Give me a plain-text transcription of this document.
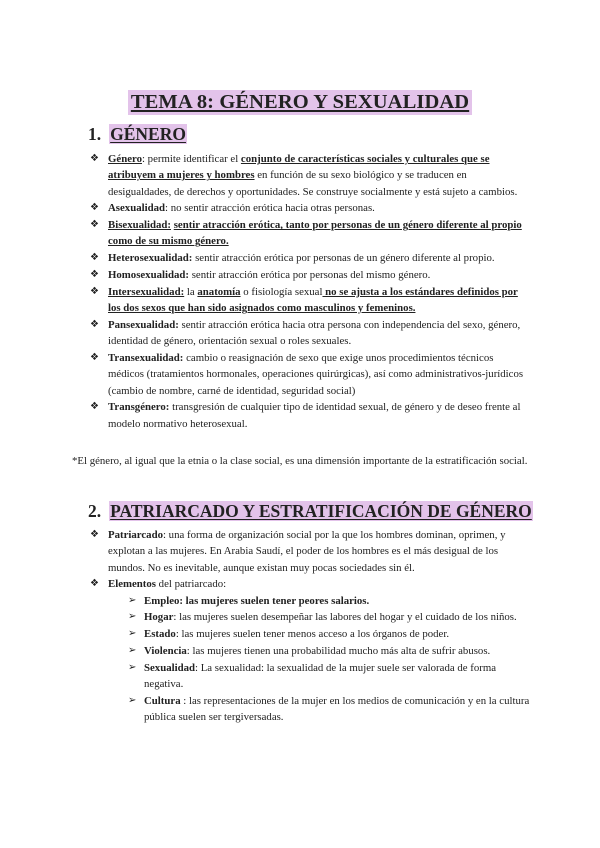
TEMA 8: GÉNERO Y SEXUALIDAD
1. GÉNERO
❖ Género: permite identificar el conjunto de características sociales y culturales que se atribuyem a mujeres y hombres en función de su sexo biológico y se traducen en desigualdades, de derechos y oportunidades. Se construye socialmente y está sujeto a cambios.
❖ Asexualidad: no sentir atracción erótica hacia otras personas.
❖ Bisexualidad: sentir atracción erótica, tanto por personas de un género diferente al propio como de su mismo género.
❖ Heterosexualidad: sentir atracción erótica por personas de un género diferente al propio.
❖ Homosexualidad: sentir atracción erótica por personas del mismo género.
❖ Intersexualidad: la anatomía o fisiología sexual no se ajusta a los estándares definidos por los dos sexos que han sido asignados como masculinos y femeninos.
❖ Pansexualidad: sentir atracción erótica hacia otra persona con independencia del sexo, género, identidad de género, orientación sexual o roles sexuales.
❖ Transexualidad: cambio o reasignación de sexo que exige unos procedimientos técnicos médicos (tratamientos hormonales, operaciones quirúrgicas), así como administrativos-jurídicos (cambio de nombre, carné de identidad, seguridad social)
❖ Transgénero: transgresión de cualquier tipo de identidad sexual, de género y de deseo frente al modelo normativo heterosexual.
*El género, al igual que la etnia o la clase social, es una dimensión importante de la estratificación social.
2. PATRIARCADO Y ESTRATIFICACIÓN DE GÉNERO
❖ Patriarcado: una forma de organización social por la que los hombres dominan, oprimen, y explotan a las mujeres. En Arabia Saudí, el poder de los hombres es el más desigual de los mundos. No es inevitable, aunque existan muy pocas sociedades sin él.
❖ Elementos del patriarcado:
➢ Empleo: las mujeres suelen tener peores salarios.
➢ Hogar: las mujeres suelen desempeñar las labores del hogar y el cuidado de los niños.
➢ Estado: las mujeres suelen tener menos acceso a los órganos de poder.
➢ Violencia: las mujeres tienen una probabilidad mucho más alta de sufrir abusos.
➢ Sexualidad: La sexualidad: la sexualidad de la mujer suele ser valorada de forma negativa.
➢ Cultura : las representaciones de la mujer en los medios de comunicación y en la cultura pública suelen ser tergiversadas.
